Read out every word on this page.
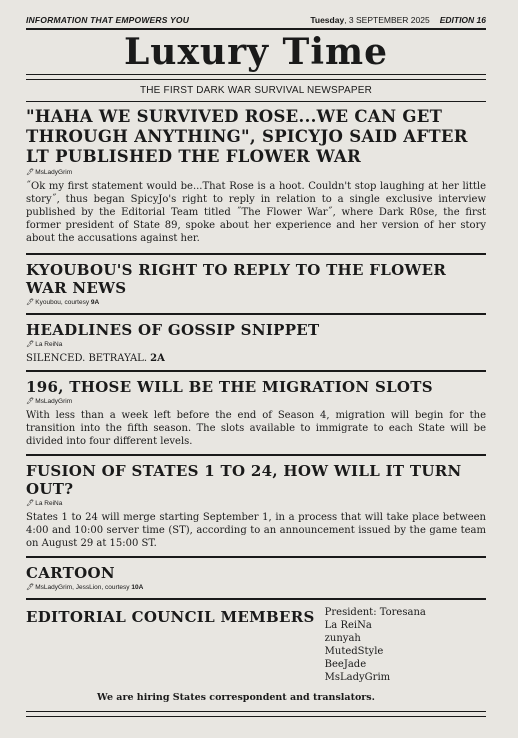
INFORMATION THAT EMPOWERS YOU	Tuesday, 3 SEPTEMBER 2025 EDITION 16
Luxury Time
THE FIRST DARK WAR SURVIVAL NEWSPAPER
"HAHA WE SURVIVED ROSE...WE CAN GET THROUGH ANYTHING", SPICYJO SAID AFTER LT PUBLISHED THE FLOWER WAR
🖊MsLadyGrim
˝Ok my first statement would be...That Rose is a hoot. Couldn't stop laughing at her little story˝, thus began SpicyJo's right to reply in relation to a single exclusive interview published by the Editorial Team titled ˝The Flower War˝, where Dark R0se, the first former president of State 89, spoke about her experience and her version of her story about the accusations against her.
KYOUBOU'S RIGHT TO REPLY TO THE FLOWER WAR NEWS
🖊Kyoubou, courtesy 9A
HEADLINES OF GOSSIP SNIPPET
🖊La ReiNa
SILENCED. BETRAYAL. 2A
196, THOSE WILL BE THE MIGRATION SLOTS
🖊MsLadyGrim
With less than a week left before the end of Season 4, migration will begin for the transition into the fifth season. The slots available to immigrate to each State will be divided into four different levels.
FUSION OF STATES 1 TO 24, HOW WILL IT TURN OUT?
🖊La ReiNa
States 1 to 24 will merge starting September 1, in a process that will take place between 4:00 and 10:00 server time (ST), according to an announcement issued by the game team on August 29 at 15:00 ST.
CARTOON
🖊MsLadyGrim, JessLion, courtesy 10A
EDITORIAL COUNCIL MEMBERS President: Toresana
La ReiNa
zunyah
MutedStyle
BeeJade
MsLadyGrim
We are hiring States correspondent and translators.
